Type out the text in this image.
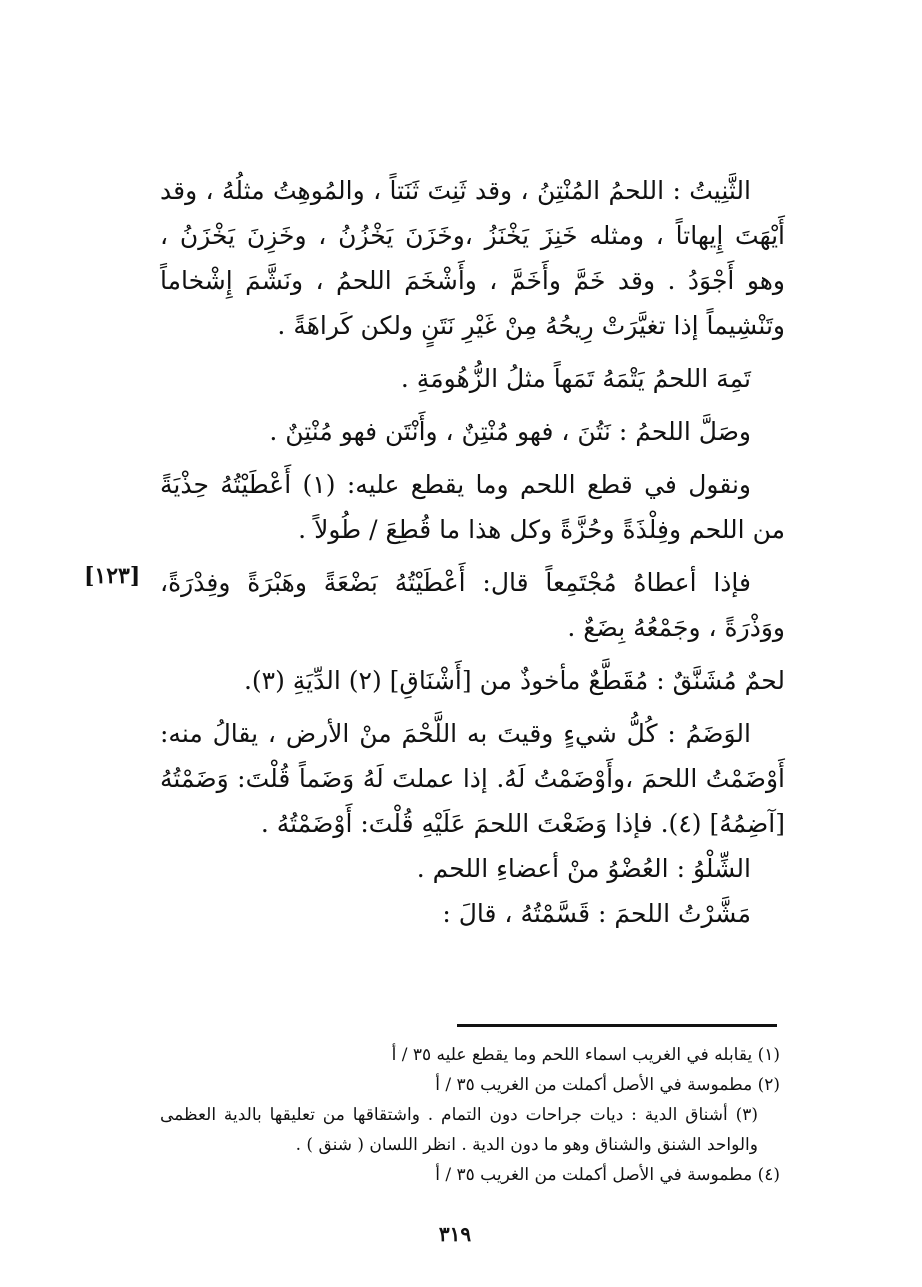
الثَّنِيتُ : اللحمُ المُنْتِنُ ، وقد ثَنِتَ ثَنَتاً ، والمُوهِتُ مثلُهُ ، وقد أَيْهَتَ إِيهاتاً ، ومثله خَنِزَ يَخْنَزُ ،وخَزَنَ يَخْزُنُ ، وخَزِنَ يَخْزَنُ ، وهو أَجْوَدُ . وقد خَمَّ وأَخَمَّ ، وأَشْخَمَ اللحمُ ، ونَشَّمَ إِشْخاماً وتَنْشِيماً إذا تغيَّرَتْ رِيحُهُ مِنْ غَيْرِ نَتَنٍ ولكن كَراهَةً .

تَمِهَ اللحمُ يَتْمَهُ تَمَهاً مثلُ الزُّهُومَةِ .

وصَلَّ اللحمُ : نَتُنَ ، فهو مُنْتِنٌ ، وأَنْتَن فهو مُنْتِنٌ .

ونقول في قطع اللحم وما يقطع عليه: (١) أَعْطَيْتُهُ حِذْيَةً من اللحم وفِلْذَةً وحُزَّةً وكل هذا ما قُطِعَ / طُولاً .

فإذا أعطاهُ مُجْتَمِعاً قال: أَعْطَيْتُهُ بَضْعَةً وهَبْرَةً وفِدْرَةً، ووَذْرَةً ، وجَمْعُهُ بِضَعٌ .

لحمٌ مُشَنَّقٌ : مُقَطَّعٌ مأخوذٌ من [أَشْنَاقِ] (٢) الدِّيَةِ (٣).

الوَضَمُ : كُلُّ شيءٍ وقيتَ به اللَّحْمَ منْ الأرض ، يقالُ منه: أَوْضَمْتُ اللحمَ ،وأَوْضَمْتُ لَهُ. إذا عملتَ لَهُ وَضَماً قُلْتَ: وَضَمْتُهُ [آضِمُهُ] (٤). فإذا وَضَعْتَ اللحمَ عَلَيْهِ قُلْتَ: أَوْضَمْتُهُ .

الشِّلْوُ : العُضْوُ منْ أعضاءِ اللحم .

مَشَّرْتُ اللحمَ : قَسَّمْتُهُ ، قالَ :

[١٢٣]

(١) يقابله في الغريب اسماء اللحم وما يقطع عليه ٣٥ / أ

(٢) مطموسة في الأصل أكملت من الغريب ٣٥ / أ

(٣) أشناق الدية : ديات جراحات دون التمام . واشتقاقها من تعليقها بالدية العظمى والواحد الشنق والشناق وهو ما دون الدية . انظر اللسان ( شنق ) .

(٤) مطموسة في الأصل أكملت من الغريب ٣٥ / أ

٣١٩
